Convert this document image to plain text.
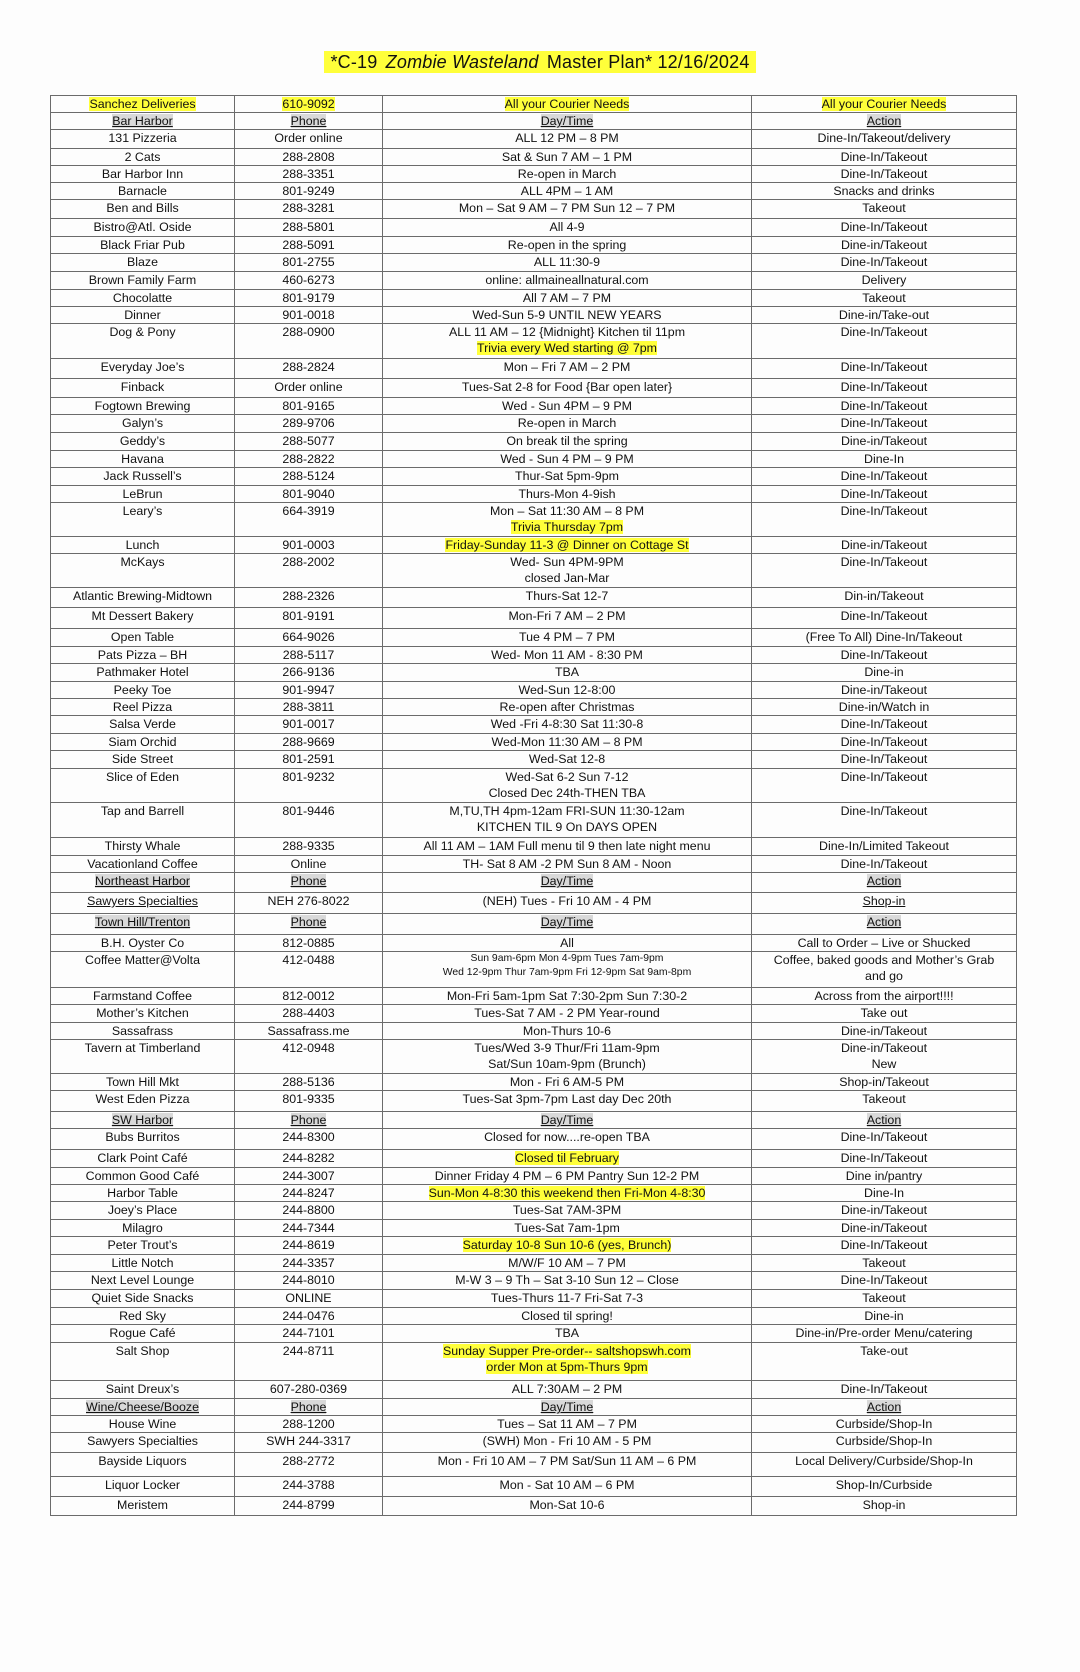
*C-19 Zombie Wasteland Master Plan* 12/16/2024
Sanchez Deliveries	610-9092	All your Courier Needs	All your Courier Needs

Bar Harbor	Phone	Day/Time	Action

131 Pizzeria	Order online	ALL 12 PM – 8 PM	Dine-In/Takeout/delivery

2 Cats	288-2808	Sat & Sun 7 AM – 1 PM	Dine-In/Takeout

Bar Harbor Inn	288-3351	Re-open in March	Dine-In/Takeout

Barnacle	801-9249	ALL 4PM – 1 AM	Snacks and drinks

Ben and Bills	288-3281	Mon – Sat 9 AM – 7 PM Sun 12 – 7 PM	Takeout

Bistro@Atl. Oside	288-5801	All 4-9	Dine-In/Takeout

Black Friar Pub	288-5091	Re-open in the spring	Dine-in/Takeout

Blaze	801-2755	ALL 11:30-9	Dine-In/Takeout

Brown Family Farm	460-6273	online: allmaineallnatural.com	Delivery

Chocolatte	801-9179	All 7 AM – 7 PM	Takeout

Dinner	901-0018	Wed-Sun 5-9 UNTIL NEW YEARS	Dine-in/Take-out

Dog & Pony	288-0900	ALL 11 AM – 12 {Midnight} Kitchen til 11pm
Trivia every Wed starting @ 7pm	Dine-In/Takeout

Everyday Joe’s	288-2824	Mon – Fri 7 AM – 2 PM	Dine-In/Takeout

Finback	Order online	Tues-Sat 2-8 for Food {Bar open later}	Dine-In/Takeout

Fogtown Brewing	801-9165	Wed - Sun 4PM – 9 PM	Dine-In/Takeout

Galyn’s	289-9706	Re-open in March	Dine-In/Takeout

Geddy’s	288-5077	On break til the spring	Dine-in/Takeout

Havana	288-2822	Wed - Sun 4 PM – 9 PM	Dine-In

Jack Russell’s	288-5124	Thur-Sat 5pm-9pm	Dine-In/Takeout

LeBrun	801-9040	Thurs-Mon 4-9ish	Dine-In/Takeout

Leary’s	664-3919	Mon – Sat 11:30 AM – 8 PM
Trivia Thursday 7pm	Dine-In/Takeout

Lunch	901-0003	Friday-Sunday 11-3 @ Dinner on Cottage St	Dine-in/Takeout

McKays	288-2002	Wed- Sun 4PM-9PM
closed Jan-Mar	Dine-In/Takeout

Atlantic Brewing-Midtown	288-2326	Thurs-Sat 12-7	Din-in/Takeout

Mt Dessert Bakery	801-9191	Mon-Fri 7 AM – 2 PM	Dine-In/Takeout

Open Table	664-9026	Tue 4 PM – 7 PM	(Free To All) Dine-In/Takeout

Pats Pizza – BH	288-5117	Wed- Mon 11 AM - 8:30 PM	Dine-In/Takeout

Pathmaker Hotel	266-9136	TBA	Dine-in

Peeky Toe	901-9947	Wed-Sun 12-8:00	Dine-in/Takeout

Reel Pizza	288-3811	Re-open after Christmas	Dine-in/Watch in

Salsa Verde	901-0017	Wed -Fri 4-8:30 Sat 11:30-8	Dine-In/Takeout

Siam Orchid	288-9669	Wed-Mon 11:30 AM – 8 PM	Dine-In/Takeout

Side Street	801-2591	Wed-Sat 12-8	Dine-In/Takeout

Slice of Eden	801-9232	Wed-Sat 6-2 Sun 7-12
Closed Dec 24th-THEN TBA	Dine-In/Takeout

Tap and Barrell	801-9446	M,TU,TH 4pm-12am FRI-SUN 11:30-12am
KITCHEN TIL 9 On DAYS OPEN	Dine-In/Takeout

Thirsty Whale	288-9335	All 11 AM – 1AM Full menu til 9 then late night menu	Dine-In/Limited Takeout

Vacationland Coffee	Online	TH- Sat 8 AM -2 PM Sun 8 AM - Noon	Dine-In/Takeout

Northeast Harbor	Phone	Day/Time	Action

Sawyers Specialties	NEH 276-8022	(NEH) Tues - Fri 10 AM - 4 PM	Shop-in

Town Hill/Trenton	Phone	Day/Time	Action

B.H. Oyster Co	812-0885	All	Call to Order – Live or Shucked

Coffee Matter@Volta	412-0488	Sun 9am-6pm Mon 4-9pm Tues 7am-9pm
Wed 12-9pm Thur 7am-9pm Fri 12-9pm Sat 9am-8pm	Coffee, baked goods and Mother’s Grab
and go

Farmstand Coffee	812-0012	Mon-Fri 5am-1pm Sat 7:30-2pm Sun 7:30-2	Across from the airport!!!!

Mother’s Kitchen	288-4403	Tues-Sat 7 AM - 2 PM Year-round	Take out

Sassafrass	Sassafrass.me	Mon-Thurs 10-6	Dine-in/Takeout

Tavern at Timberland	412-0948	Tues/Wed 3-9 Thur/Fri 11am-9pm
Sat/Sun 10am-9pm (Brunch)	Dine-in/Takeout
New

Town Hill Mkt	288-5136	Mon - Fri 6 AM-5 PM	Shop-in/Takeout

West Eden Pizza	801-9335	Tues-Sat 3pm-7pm Last day Dec 20th	Takeout

SW Harbor	Phone	Day/Time	Action

Bubs Burritos	244-8300	Closed for now....re-open TBA	Dine-In/Takeout

Clark Point Café	244-8282	Closed til February	Dine-In/Takeout

Common Good Café	244-3007	Dinner Friday 4 PM – 6 PM Pantry Sun 12-2 PM	Dine in/pantry

Harbor Table	244-8247	Sun-Mon 4-8:30 this weekend then Fri-Mon 4-8:30	Dine-In

Joey’s Place	244-8800	Tues-Sat 7AM-3PM	Dine-in/Takeout

Milagro	244-7344	Tues-Sat 7am-1pm	Dine-in/Takeout

Peter Trout’s	244-8619	Saturday 10-8 Sun 10-6 (yes, Brunch)	Dine-In/Takeout

Little Notch	244-3357	M/W/F 10 AM – 7 PM	Takeout

Next Level Lounge	244-8010	M-W 3 – 9 Th – Sat 3-10 Sun 12 – Close	Dine-In/Takeout

Quiet Side Snacks	ONLINE	Tues-Thurs 11-7 Fri-Sat 7-3	Takeout

Red Sky	244-0476	Closed til spring!	Dine-in

Rogue Café	244-7101	TBA	Dine-in/Pre-order Menu/catering

Salt Shop	244-8711	Sunday Supper Pre-order-- saltshopswh.com
order Mon at 5pm-Thurs 9pm	Take-out

Saint Dreux’s	607-280-0369	ALL 7:30AM – 2 PM	Dine-In/Takeout

Wine/Cheese/Booze	Phone	Day/Time	Action

House Wine	288-1200	Tues – Sat 11 AM – 7 PM	Curbside/Shop-In

Sawyers Specialties	SWH 244-3317	(SWH) Mon - Fri 10 AM - 5 PM	Curbside/Shop-In

Bayside Liquors	288-2772	Mon - Fri 10 AM – 7 PM Sat/Sun 11 AM – 6 PM	Local Delivery/Curbside/Shop-In

Liquor Locker	244-3788	Mon - Sat 10 AM – 6 PM	Shop-In/Curbside

Meristem	244-8799	Mon-Sat 10-6	Shop-in
